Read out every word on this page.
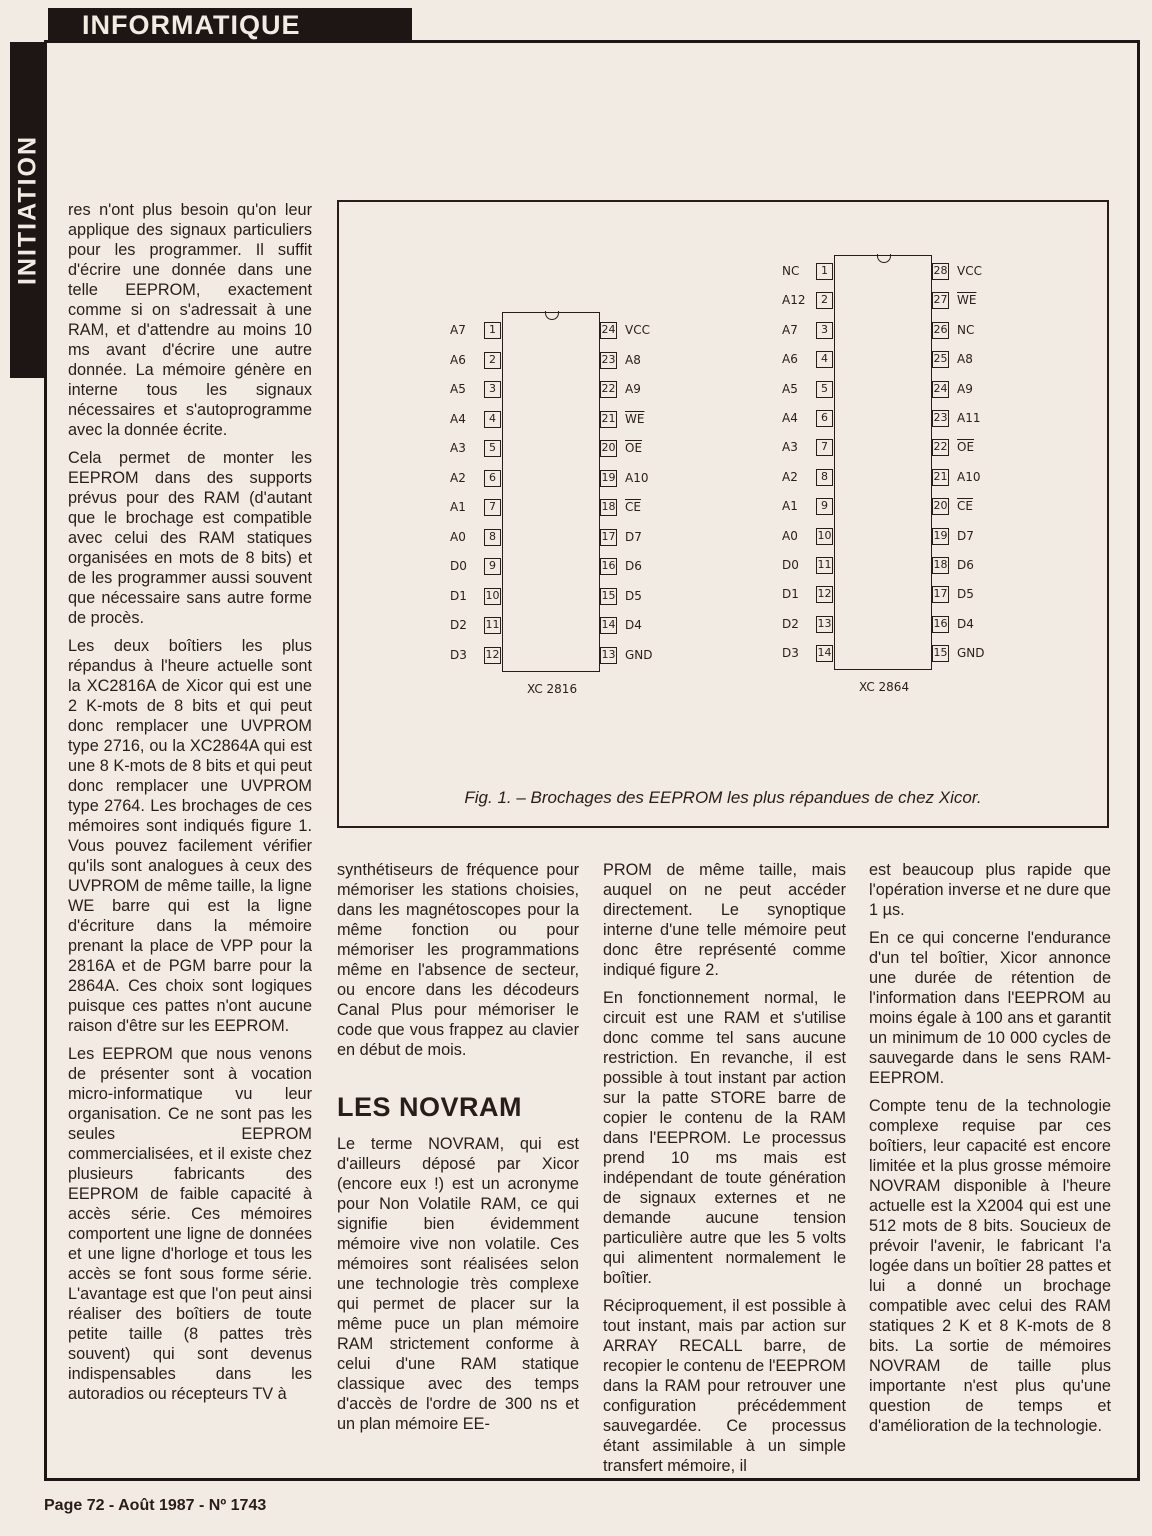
INFORMATIQUE
INITIATION res n'ont plus besoin qu'on leur applique des signaux particuliers pour les programmer. Il suffit d'écrire une donnée dans une telle EEPROM, exactement comme si on s'adressait à une RAM, et d'attendre au moins 10 ms avant d'écrire une autre donnée. La mémoire génère en interne tous les signaux nécessaires et s'autoprogramme avec la donnée écrite.

Cela permet de monter les EEPROM dans des supports prévus pour des RAM (d'autant que le brochage est compatible avec celui des RAM statiques organisées en mots de 8 bits) et de les programmer aussi souvent que nécessaire sans autre forme de procès.

Les deux boîtiers les plus répandus à l'heure actuelle sont la XC2816A de Xicor qui est une 2 K-mots de 8 bits et qui peut donc remplacer une UVPROM type 2716, ou la XC2864A qui est une 8 K-mots de 8 bits et qui peut donc remplacer une UVPROM type 2764. Les brochages de ces mémoires sont indiqués figure 1. Vous pouvez facilement vérifier qu'ils sont analogues à ceux des UVPROM de même taille, la ligne WE barre qui est la ligne d'écriture dans la mémoire prenant la place de VPP pour la 2816A et de PGM barre pour la 2864A. Ces choix sont logiques puisque ces pattes n'ont aucune raison d'être sur les EEPROM.

Les EEPROM que nous venons de présenter sont à vocation micro-informatique vu leur organisation. Ce ne sont pas les seules EEPROM commercialisées, et il existe chez plusieurs fabricants des EEPROM de faible capacité à accès série. Ces mémoires comportent une ligne de données et une ligne d'horloge et tous les accès se font sous forme série. L'avantage est que l'on peut ainsi réaliser des boîtiers de toute petite taille (8 pattes très souvent) qui sont devenus indispensables dans les autoradios ou récepteurs TV à

Fig. 1. – Brochages des EEPROM les plus répandues de chez Xicor.
XC 2816
1
A7
2
A6
3
A5
4
A4
5
A3
6
A2
7
A1
8
A0
9
D0
10
D1
11
D2
12
D3
24 VCC
23 A8
22 A9
21 $\overline{WE}$
20 $\overline{OE}$
19 A10
18 $\overline{CE}$
17 D7
16 D6
15 D5
14 D4
13 GND
XC 2864
1
NC
2
A12
3
A7
4
A6
5
A5
6
A4
7
A3
8
A2
9
A1
10
A0
11
D0
12
D1
13
D2
14
D3
28 VCC
27 $\overline{WE}$
26 NC
25 A8
24 A9
23 A11
22 $\overline{OE}$
21 A10
20 $\overline{CE}$
19 D7
18 D6
17 D5
16 D4
15 GND

synthétiseurs de fréquence pour mémoriser les stations choisies, dans les magnétoscopes pour la même fonction ou pour mémoriser les programmations même en l'absence de secteur, ou encore dans les décodeurs Canal Plus pour mémoriser le code que vous frappez au clavier en début de mois.

LES NOVRAM

Le terme NOVRAM, qui est d'ailleurs déposé par Xicor (encore eux !) est un acronyme pour Non Volatile RAM, ce qui signifie bien évidemment mémoire vive non volatile. Ces mémoires sont réalisées selon une technologie très complexe qui permet de placer sur la même puce un plan mémoire RAM strictement conforme à celui d'une RAM statique classique avec des temps d'accès de l'ordre de 300 ns et un plan mémoire EE-

PROM de même taille, mais auquel on ne peut accéder directement. Le synoptique interne d'une telle mémoire peut donc être représenté comme indiqué figure 2.

En fonctionnement normal, le circuit est une RAM et s'utilise donc comme tel sans aucune restriction. En revanche, il est possible à tout instant par action sur la patte STORE barre de copier le contenu de la RAM dans l'EEPROM. Le processus prend 10 ms mais est indépendant de toute génération de signaux externes et ne demande aucune tension particulière autre que les 5 volts qui alimentent normalement le boîtier.

Réciproquement, il est possible à tout instant, mais par action sur ARRAY RECALL barre, de recopier le contenu de l'EEPROM dans la RAM pour retrouver une configuration précédemment sauvegardée. Ce processus étant assimilable à un simple transfert mémoire, il

est beaucoup plus rapide que l'opération inverse et ne dure que 1 µs.

En ce qui concerne l'endurance d'un tel boîtier, Xicor annonce une durée de rétention de l'information dans l'EEPROM au moins égale à 100 ans et garantit un minimum de 10 000 cycles de sauvegarde dans le sens RAM-EEPROM.

Compte tenu de la technologie complexe requise par ces boîtiers, leur capacité est encore limitée et la plus grosse mémoire NOVRAM disponible à l'heure actuelle est la X2004 qui est une 512 mots de 8 bits. Soucieux de prévoir l'avenir, le fabricant l'a logée dans un boîtier 28 pattes et lui a donné un brochage compatible avec celui des RAM statiques 2 K et 8 K-mots de 8 bits. La sortie de mémoires NOVRAM de taille plus importante n'est plus qu'une question de temps et d'amélioration de la technologie.

Page 72 - Août 1987 - Nº 1743
